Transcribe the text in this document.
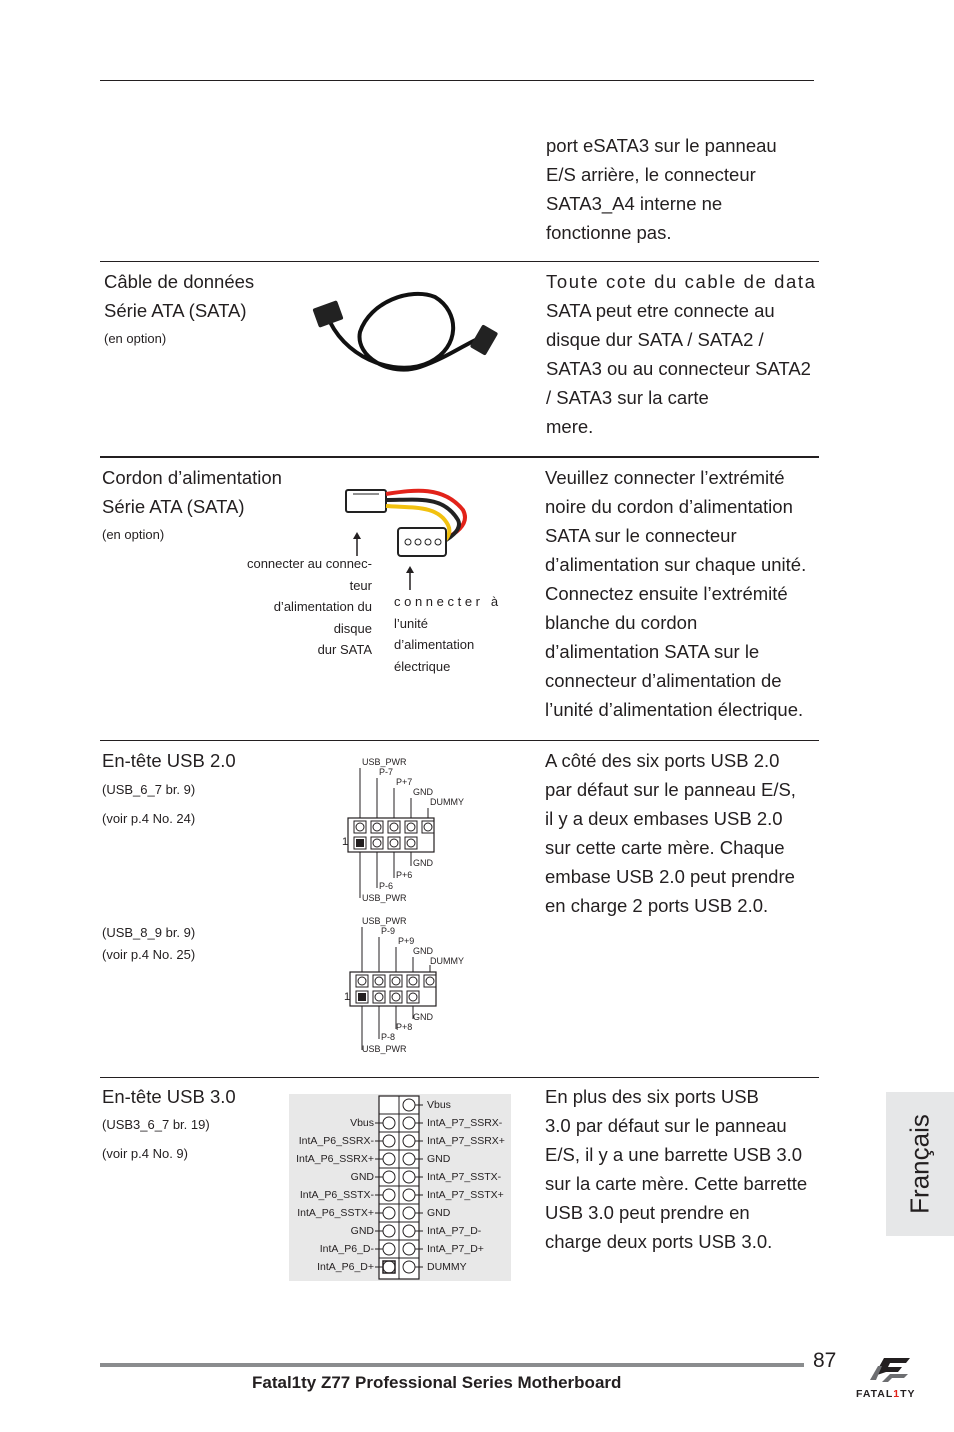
port eSATA3 sur le panneau
E/S arrière, le connecteur
SATA3_A4 interne ne
fonctionne pas.
Câble de données
Série ATA (SATA)
(en option)
Toute cote du cable de data
SATA peut etre connecte au
disque dur SATA / SATA2 /
SATA3 ou au connecteur SATA2
/ SATA3 sur la carte
mere.
Cordon d’alimentation
Série ATA (SATA)
(en option)
connecter au connec-
teur
d’alimentation du
disque
dur SATA
c o n n e c t e r   à
l’unité
d’alimentation
électrique
Veuillez connecter l’extrémité
noire du cordon d’alimentation
SATA sur le connecteur
d’alimentation sur chaque unité.
Connectez ensuite l’extrémité
blanche du cordon
d’alimentation SATA sur le
connecteur d’alimentation de
l’unité d’alimentation électrique.
En-tête USB 2.0
(USB_6_7 br. 9)
(voir p.4 No. 24)
(USB_8_9 br. 9)
(voir p.4 No. 25)
USB_PWR
P-7
P+7
GND
DUMMY
GND
P+6
P-6
USB_PWR
1
USB_PWR
P-9
P+9
GND
DUMMY
GND
P+8
P-8
USB_PWR
1
A côté des six ports USB 2.0
par défaut sur le panneau E/S,
il y a deux embases USB 2.0
sur cette carte mère. Chaque
embase USB 2.0 peut prendre
en charge 2 ports USB 2.0.
En-tête USB 3.0
(USB3_6_7 br. 19)
(voir p.4 No. 9)
Vbus
IntA_P6_SSRX-
IntA_P6_SSRX+
GND
IntA_P6_SSTX-
IntA_P6_SSTX+
GND
IntA_P6_D-
IntA_P6_D+
Vbus
IntA_P7_SSRX-
IntA_P7_SSRX+
GND
IntA_P7_SSTX-
IntA_P7_SSTX+
GND
IntA_P7_D-
IntA_P7_D+
DUMMY
En plus des six ports USB
3.0 par défaut sur le panneau
E/S, il y a une barrette USB 3.0
sur la carte mère. Cette barrette
USB 3.0 peut prendre en
charge deux ports USB 3.0.
Français
87
Fatal1ty Z77 Professional Series Motherboard
FATAL1TY
